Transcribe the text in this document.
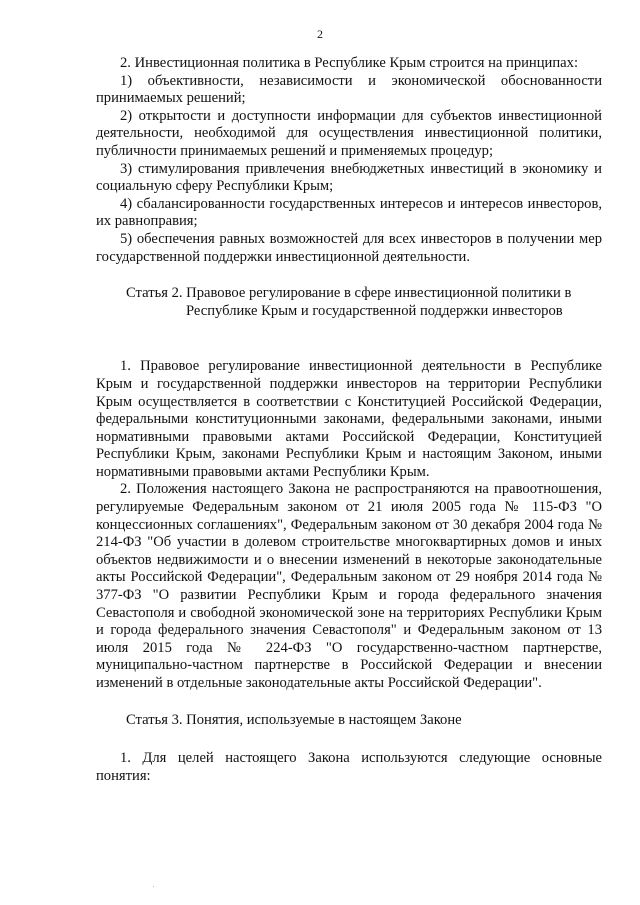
2

2. Инвестиционная политика в Республике Крым строится на принципах:

1) объективности, независимости и экономической обоснованности принимаемых решений;

2) открытости и доступности информации для субъектов инвестиционной деятельности, необходимой для осуществления инвестиционной политики, публичности принимаемых решений и применяемых процедур;

3) стимулирования привлечения внебюджетных инвестиций в экономику и социальную сферу Республики Крым;

4) сбалансированности государственных интересов и интересов инвесторов, их равноправия;

5) обеспечения равных возможностей для всех инвесторов в получении мер государственной поддержки инвестиционной деятельности.

Статья 2. Правовое регулирование в сфере инвестиционной политики в Республике Крым и государственной поддержки инвесторов

1. Правовое регулирование инвестиционной деятельности в Республике Крым и государственной поддержки инвесторов на территории Республики Крым осуществляется в соответствии с Конституцией Российской Федерации, федеральными конституционными законами, федеральными законами, иными нормативными правовыми актами Российской Федерации, Конституцией Республики Крым, законами Республики Крым и настоящим Законом, иными нормативными правовыми актами Республики Крым.

2. Положения настоящего Закона не распространяются на правоотношения, регулируемые Федеральным законом от 21 июля 2005 года № 115-ФЗ "О концессионных соглашениях", Федеральным законом от 30 декабря 2004 года № 214-ФЗ "Об участии в долевом строительстве многоквартирных домов и иных объектов недвижимости и о внесении изменений в некоторые законодательные акты Российской Федерации", Федеральным законом от 29 ноября 2014 года № 377-ФЗ "О развитии Республики Крым и города федерального значения Севастополя и свободной экономической зоне на территориях Республики Крым и города федерального значения Севастополя" и Федеральным законом от 13 июля 2015 года № 224-ФЗ "О государственно-частном партнерстве, муниципально-частном партнерстве в Российской Федерации и внесении изменений в отдельные законодательные акты Российской Федерации".

Статья 3. Понятия, используемые в настоящем Законе

1. Для целей настоящего Закона используются следующие основные понятия:
